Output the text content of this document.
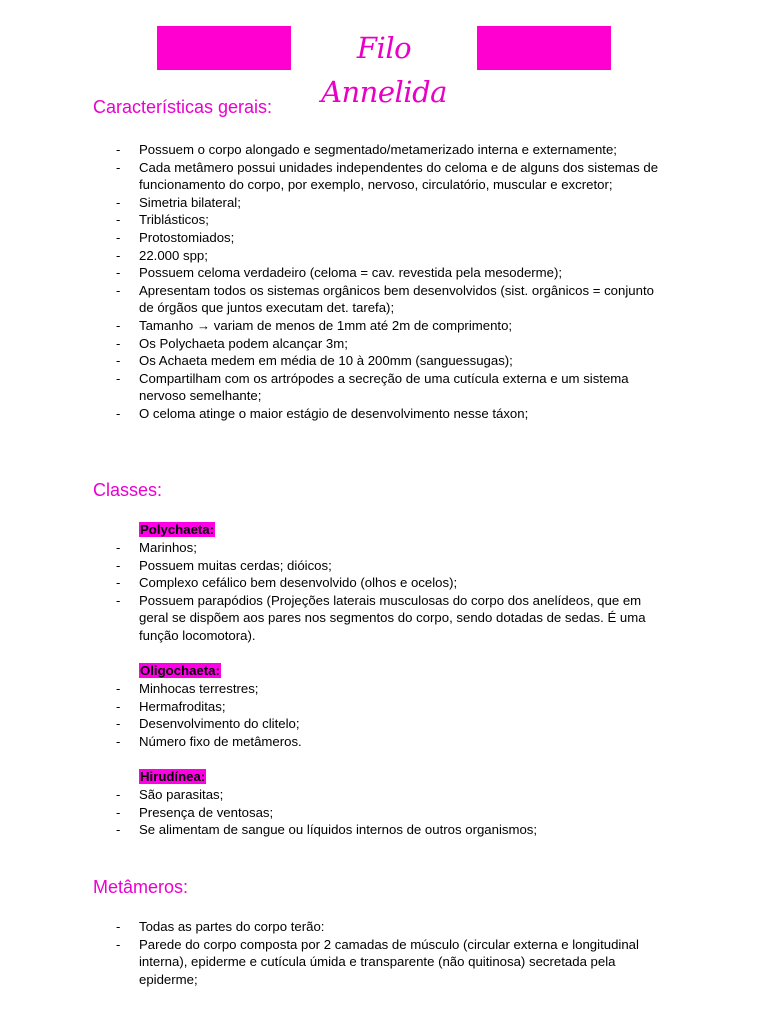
Filo Annelida
Características gerais:
- Possuem o corpo alongado e segmentado/metamerizado interna e externamente;
- Cada metâmero possui unidades independentes do celoma e de alguns dos sistemas de funcionamento do corpo, por exemplo, nervoso, circulatório, muscular e excretor;
- Simetria bilateral;
- Triblásticos;
- Protostomiados;
- 22.000 spp;
- Possuem celoma verdadeiro (celoma = cav. revestida pela mesoderme);
- Apresentam todos os sistemas orgânicos bem desenvolvidos (sist. orgânicos = conjunto de órgãos que juntos executam det. tarefa);
- Tamanho → variam de menos de 1mm até 2m de comprimento;
- Os Polychaeta podem alcançar 3m;
- Os Achaeta medem em média de 10 à 200mm (sanguessugas);
- Compartilham com os artrópodes a secreção de uma cutícula externa e um sistema nervoso semelhante;
- O celoma atinge o maior estágio de desenvolvimento nesse táxon;
Classes:
Polychaeta:
- Marinhos;
- Possuem muitas cerdas; dióicos;
- Complexo cefálico bem desenvolvido (olhos e ocelos);
- Possuem parapódios (Projeções laterais musculosas do corpo dos anelídeos, que em geral se dispõem aos pares nos segmentos do corpo, sendo dotadas de sedas. É uma função locomotora).
Oligochaeta:
- Minhocas terrestres;
- Hermafroditas;
- Desenvolvimento do clitelo;
- Número fixo de metâmeros.
Hirudínea:
- São parasitas;
- Presença de ventosas;
- Se alimentam de sangue ou líquidos internos de outros organismos;
Metâmeros:
- Todas as partes do corpo terão:
- Parede do corpo composta por 2 camadas de músculo (circular externa e longitudinal interna), epiderme e cutícula úmida e transparente (não quitinosa) secretada pela epiderme;
